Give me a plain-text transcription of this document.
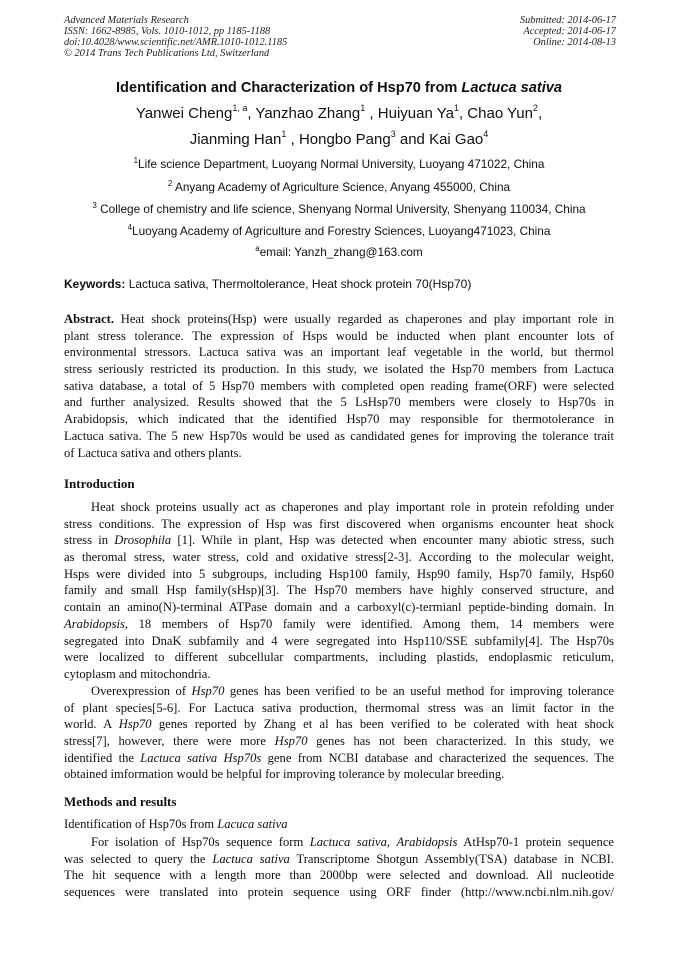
Advanced Materials Research
ISSN: 1662-8985, Vols. 1010-1012, pp 1185-1188
doi:10.4028/www.scientific.net/AMR.1010-1012.1185
© 2014 Trans Tech Publications Ltd, Switzerland
Submitted: 2014-06-17
Accepted: 2014-06-17
Online: 2014-08-13
Identification and Characterization of Hsp70 from Lactuca sativa
Yanwei Cheng$^{1, a}$, Yanzhao Zhang$^1$ , Huiyuan Ya$^1$, Chao Yun$^2$,
Jianming Han$^1$ , Hongbo Pang$^3$ and Kai Gao$^4$
$^1$Life science Department, Luoyang Normal University, Luoyang 471022, China
$^2$ Anyang Academy of Agriculture Science, Anyang 455000, China
$^3$ College of chemistry and life science, Shenyang Normal University, Shenyang 110034, China
$^4$Luoyang Academy of Agriculture and Forestry Sciences, Luoyang471023, China
$^a$email: Yanzh_zhang@163.com
Keywords: Lactuca sativa, Thermoltolerance, Heat shock protein 70(Hsp70)
Abstract. Heat shock proteins(Hsp) were usually regarded as chaperones and play important role in
plant stress tolerance. The expression of Hsps would be inducted when plant encounter lots of
environmental stressors. Lactuca sativa was an important leaf vegetable in the world, but thermol
stress seriously restricted its production. In this study, we isolated the Hsp70 members from Lactuca
sativa database, a total of 5 Hsp70 members with completed open reading frame(ORF) were selected
and further analysized. Results showed that the 5 LsHsp70 members were closely to Hsp70s in
Arabidopsis, which indicated that the identified Hsp70 may responsible for thermotolerance in
Lactuca sativa. The 5 new Hsp70s would be used as candidated genes for improving the tolerance trait
of Lactuca sativa and others plants.
Introduction
Heat shock proteins usually act as chaperones and play important role in protein refolding under
stress conditions. The expression of Hsp was first discovered when organisms encounter heat shock
stress in Drosophila [1]. While in plant, Hsp was detected when encounter many abiotic stress, such
as theromal stress, water stress, cold and oxidative stress[2-3]. According to the molecular weight,
Hsps were divided into 5 subgroups, including Hsp100 family, Hsp90 family, Hsp70 family, Hsp60
family and small Hsp family(sHsp)[3]. The Hsp70 members have highly conserved structure, and
contain an amino(N)-terminal ATPase domain and a carboxyl(c)-termianl peptide-binding domain. In
Arabidopsis, 18 members of Hsp70 family were identified. Among them, 14 members were
segregated into DnaK subfamily and 4 were segregated into Hsp110/SSE subfamily[4]. The Hsp70s
were localized to different subcellular compartments, including plastids, endoplasmic reticulum,
cytoplasm and mitochondria.
Overexpression of Hsp70 genes has been verified to be an useful method for improving tolerance
of plant species[5-6]. For Lactuca sativa production, thermomal stress was an limit factor in the
world. A Hsp70 genes reported by Zhang et al has been verified to be colerated with heat shock
stress[7], however, there were more Hsp70 genes has not been characterized. In this study, we
identified the Lactuca sativa Hsp70s gene from NCBI database and characterized the sequences. The
obtained imformation would be helpful for improving tolerance by molecular breeding.
Methods and results
Identification of Hsp70s from Lacuca sativa
For isolation of Hsp70s sequence form Lactuca sativa, Arabidopsis AtHsp70-1 protein sequence
was selected to query the Lactuca sativa Transcriptome Shotgun Assembly(TSA) database in NCBI.
The hit sequence with a length more than 2000bp were selected and download. All nucleotide
sequences were translated into protein sequence using ORF finder (http://www.ncbi.nlm.nih.gov/
